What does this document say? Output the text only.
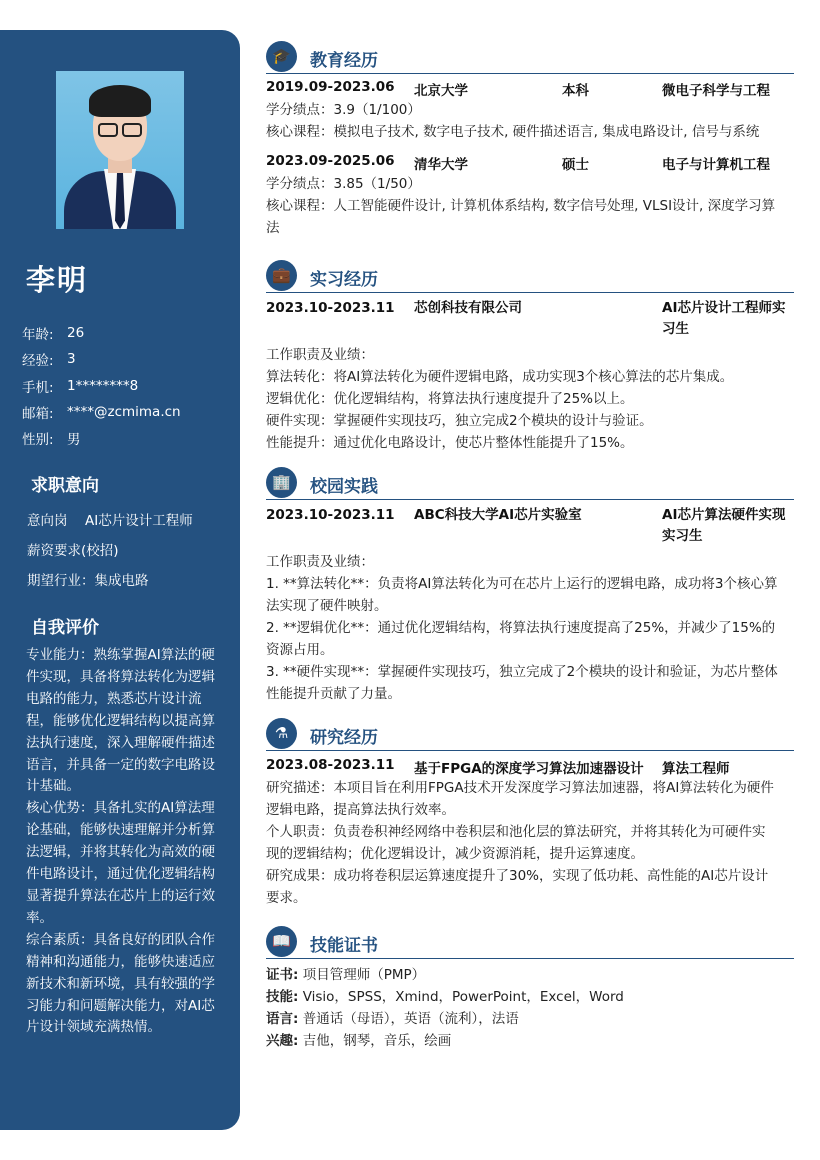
李明
年龄: 26
经验: 3
手机: 1********8
邮箱: ****@zcmima.cn
性别: 男
求职意向
意向岗	AI芯片设计工程师
薪资要求(校招)
期望行业： 集成电路
自我评价

专业能力：熟练掌握AI算法的硬件实现，具备将算法转化为逻辑电路的能力，熟悉芯片设计流程，能够优化逻辑结构以提高算法执行速度，深入理解硬件描述语言，并具备一定的数字电路设计基础。

核心优势：具备扎实的AI算法理论基础，能够快速理解并分析算法逻辑，并将其转化为高效的硬件电路设计，通过优化逻辑结构显著提升算法在芯片上的运行效率。

综合素质：具备良好的团队合作精神和沟通能力，能够快速适应新技术和新环境，具有较强的学习能力和问题解决能力，对AI芯片设计领域充满热情。

🎓	教育经历
2019.09-2023.06	北京大学	本科	微电子科学与工程
学分绩点：3.9（1/100）
核心课程：模拟电子技术, 数字电子技术, 硬件描述语言, 集成电路设计, 信号与系统
2023.09-2025.06	清华大学	硕士	电子与计算机工程
学分绩点：3.85（1/50）
核心课程：人工智能硬件设计, 计算机体系结构, 数字信号处理, VLSI设计, 深度学习算
法
💼	实习经历
2023.10-2023.11	芯创科技有限公司	AI芯片设计工程师实
习生
工作职责及业绩：
算法转化：将AI算法转化为硬件逻辑电路，成功实现3个核心算法的芯片集成。
逻辑优化：优化逻辑结构，将算法执行速度提升了25%以上。
硬件实现：掌握硬件实现技巧，独立完成2个模块的设计与验证。
性能提升：通过优化电路设计，使芯片整体性能提升了15%。
🏢	校园实践
2023.10-2023.11	ABC科技大学AI芯片实验室	AI芯片算法硬件实现
实习生
工作职责及业绩：
1. **算法转化**：负责将AI算法转化为可在芯片上运行的逻辑电路，成功将3个核心算
法实现了硬件映射。
2. **逻辑优化**：通过优化逻辑结构，将算法执行速度提高了25%，并减少了15%的
资源占用。
3. **硬件实现**：掌握硬件实现技巧，独立完成了2个模块的设计和验证，为芯片整体
性能提升贡献了力量。
⚗	研究经历
2023.08-2023.11	基于FPGA的深度学习算法加速器设计	算法工程师
研究描述：本项目旨在利用FPGA技术开发深度学习算法加速器，将AI算法转化为硬件
逻辑电路，提高算法执行效率。
个人职责：负责卷积神经网络中卷积层和池化层的算法研究，并将其转化为可硬件实
现的逻辑结构；优化逻辑设计，减少资源消耗，提升运算速度。
研究成果：成功将卷积层运算速度提升了30%，实现了低功耗、高性能的AI芯片设计
要求。
📖	技能证书
证书: 项目管理师（PMP）
技能: Visio，SPSS，Xmind，PowerPoint，Excel，Word
语言: 普通话（母语），英语（流利），法语
兴趣: 吉他，钢琴，音乐，绘画
